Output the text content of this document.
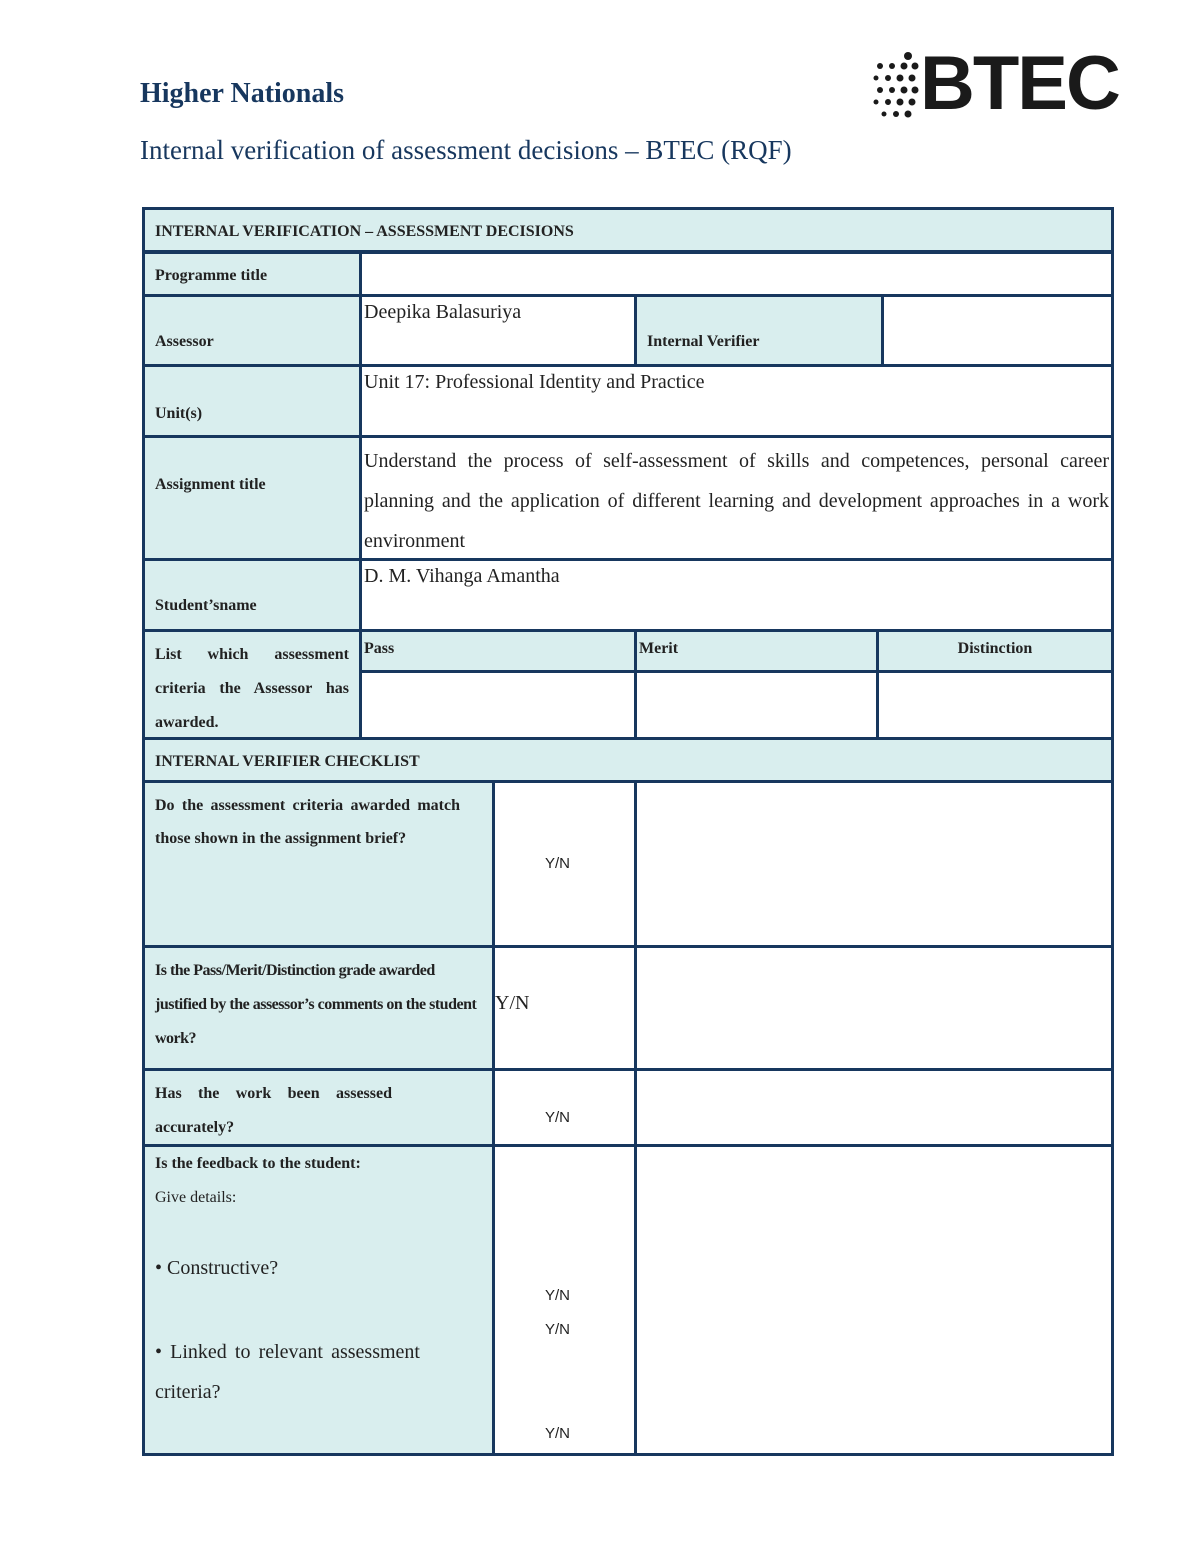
Higher Nationals
Internal verification of assessment decisions – BTEC (RQF)
BTEC
INTERNAL VERIFICATION – ASSESSMENT DECISIONS
Programme title
Assessor
Deepika Balasuriya
Internal Verifier
Unit(s)
Unit 17: Professional Identity and Practice
Assignment title
Understand the process of self-assessment of skills and competences, personal career planning and the application of different learning and development approaches in a work environment
Student’sname
D. M. Vihanga Amantha
List which assessment criteria the Assessor has awarded.
Pass	Merit	Distinction
INTERNAL VERIFIER CHECKLIST
Do the assessment criteria awarded match those shown in the assignment brief?
Y/N
Is the Pass/Merit/Distinction grade awarded justified by the assessor’s comments on the student work?
Y/N
Has the work been assessed accurately?
Y/N
Is the feedback to the student:
Give details:
• Constructive?
• Linked to relevant assessment criteria?
Y/N
Y/N
Y/N
